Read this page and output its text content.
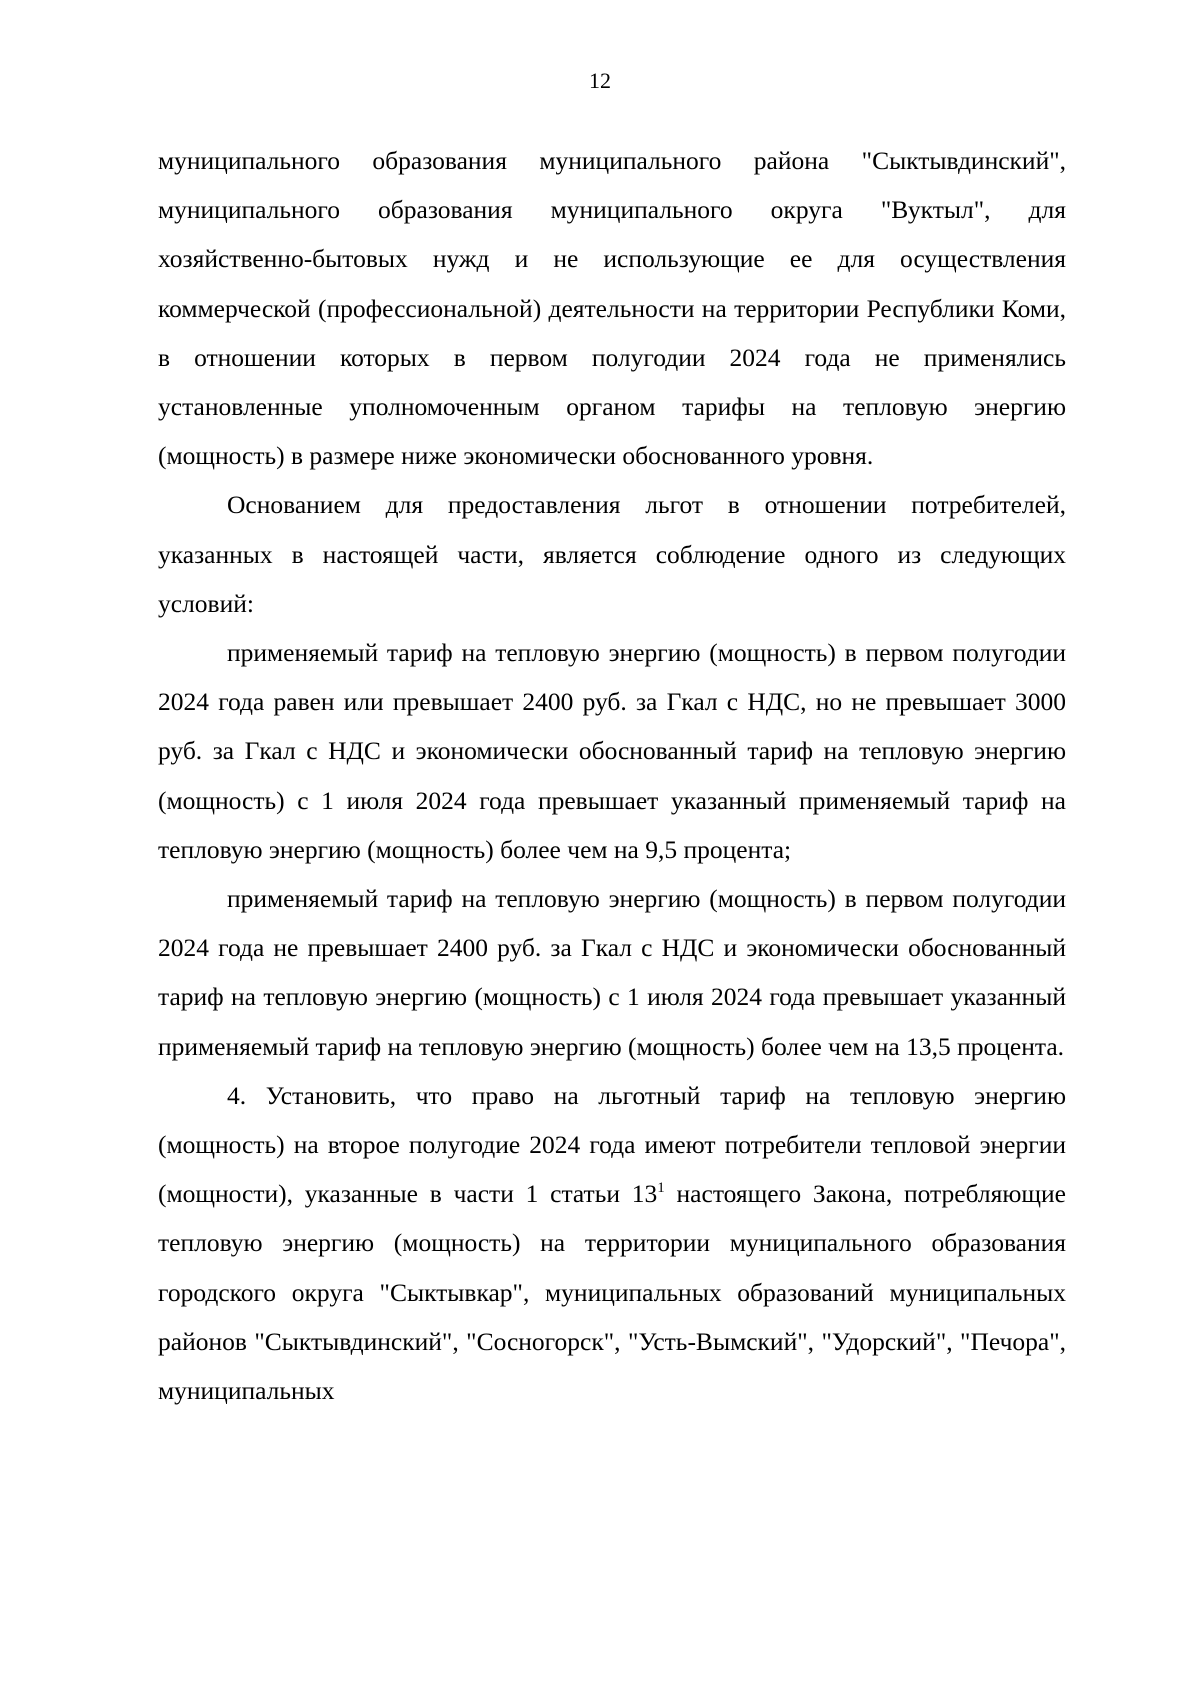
12

муниципального образования муниципального района "Сыктывдинский", муниципального образования муниципального округа "Вуктыл", для хозяйственно-бытовых нужд и не использующие ее для осуществления коммерческой (профессиональной) деятельности на территории Республики Коми, в отношении которых в первом полугодии 2024 года не применялись установленные уполномоченным органом тарифы на тепловую энергию (мощность) в размере ниже экономически обоснованного уровня.

Основанием для предоставления льгот в отношении потребителей, указанных в настоящей части, является соблюдение одного из следующих условий:

применяемый тариф на тепловую энергию (мощность) в первом полугодии 2024 года равен или превышает 2400 руб. за Гкал с НДС, но не превышает 3000 руб. за Гкал с НДС и экономически обоснованный тариф на тепловую энергию (мощность) с 1 июля 2024 года превышает указанный применяемый тариф на тепловую энергию (мощность) более чем на 9,5 процента;

применяемый тариф на тепловую энергию (мощность) в первом полугодии 2024 года не превышает 2400 руб. за Гкал с НДС и экономически обоснованный тариф на тепловую энергию (мощность) с 1 июля 2024 года превышает указанный применяемый тариф на тепловую энергию (мощность) более чем на 13,5 процента.

4. Установить, что право на льготный тариф на тепловую энергию (мощность) на второе полугодие 2024 года имеют потребители тепловой энергии (мощности), указанные в части 1 статьи $13^1$ настоящего Закона, потребляющие тепловую энергию (мощность) на территории муниципального образования городского округа "Сыктывкар", муниципальных образований муниципальных районов "Сыктывдинский", "Сосногорск", "Усть-Вымский", "Удорский", "Печора", муниципальных
